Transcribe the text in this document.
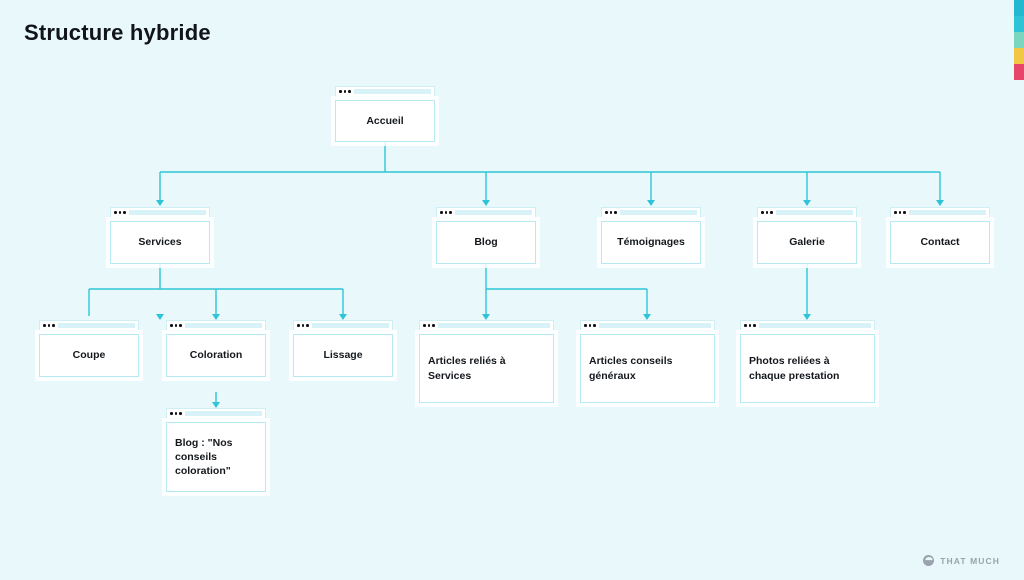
Structure hybride
Accueil
Services	Blog	Témoignages	Galerie	Contact
Coupe	Coloration	Lissage	Articles reliés à Services
Articles conseils généraux
Photos reliées à chaque prestation
Blog : "Nos conseils coloration"
THAT MUCH
